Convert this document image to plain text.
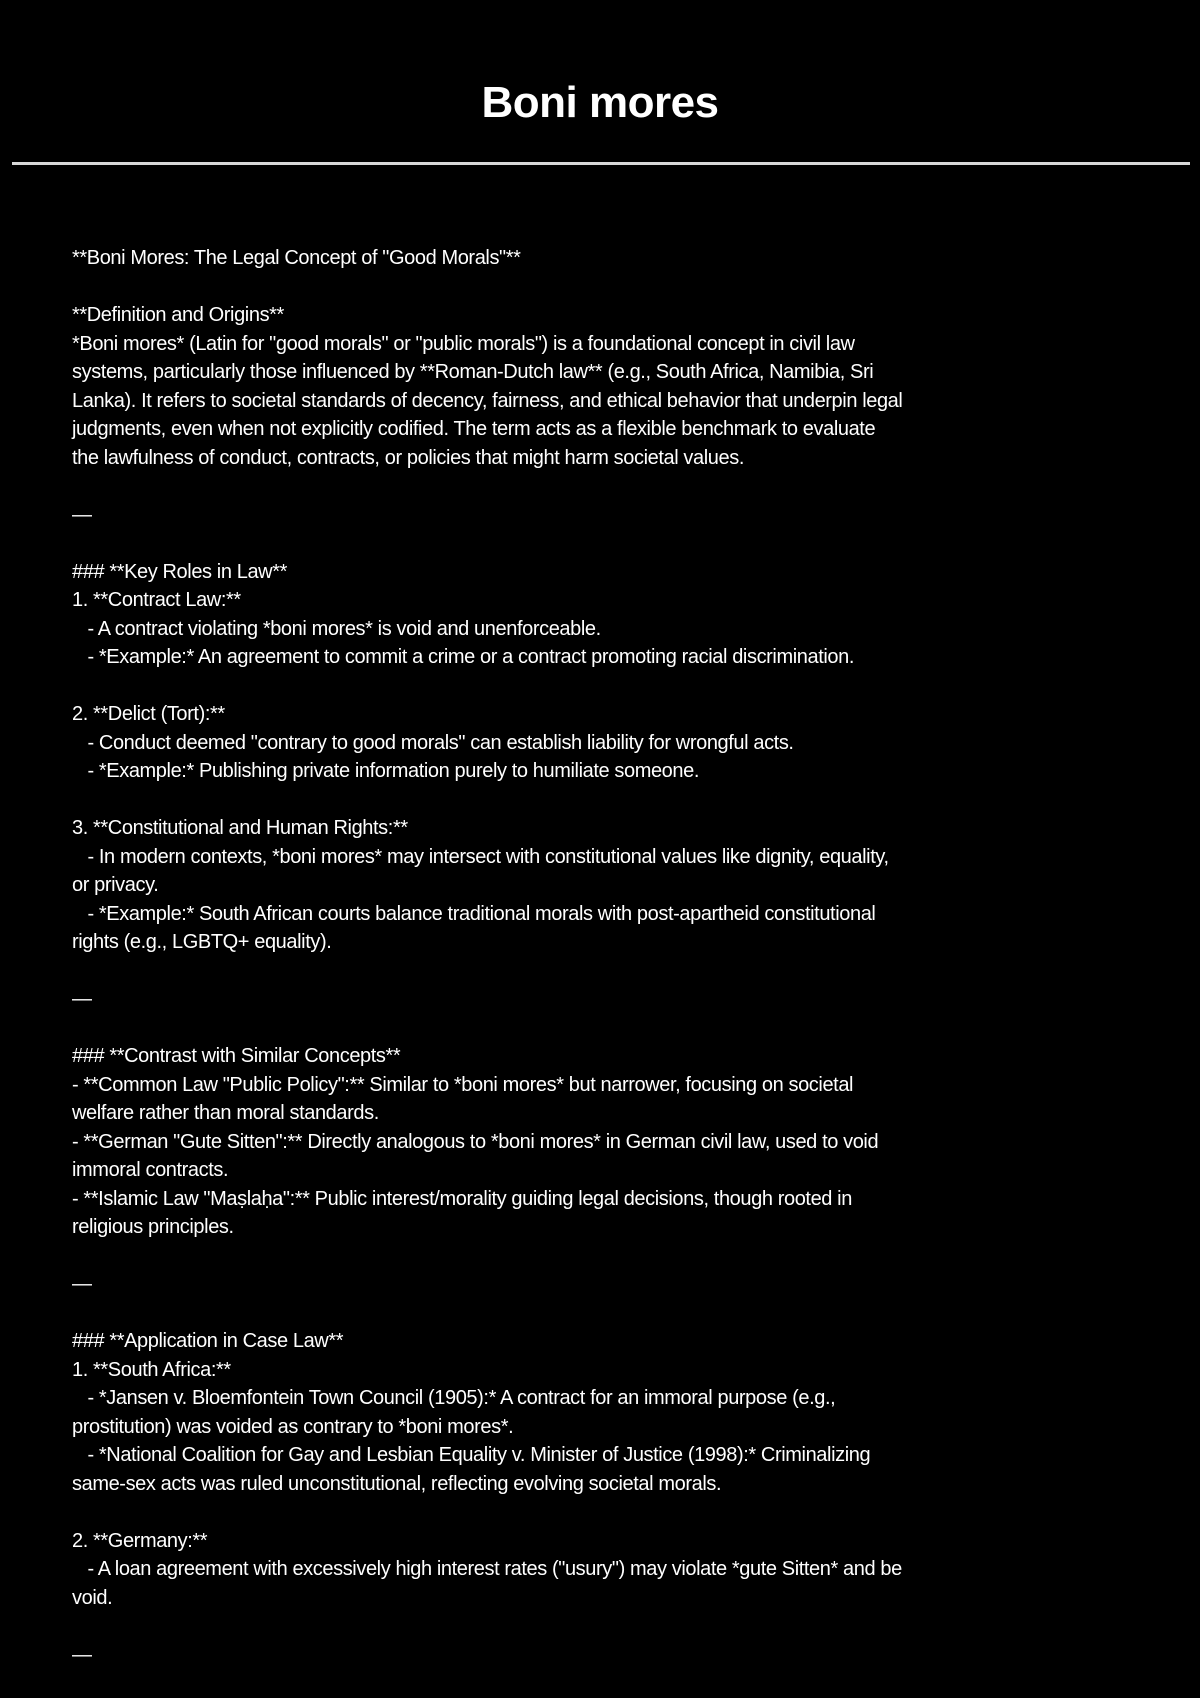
Boni mores
**Boni Mores: The Legal Concept of "Good Morals"**
**Definition and Origins**
*Boni mores* (Latin for "good morals" or "public morals") is a foundational concept in civil law
systems, particularly those influenced by **Roman-Dutch law** (e.g., South Africa, Namibia, Sri
Lanka). It refers to societal standards of decency, fairness, and ethical behavior that underpin legal
judgments, even when not explicitly codified. The term acts as a flexible benchmark to evaluate
the lawfulness of conduct, contracts, or policies that might harm societal values.
—
### **Key Roles in Law**
1. **Contract Law:**
- A contract violating *boni mores* is void and unenforceable.
- *Example:* An agreement to commit a crime or a contract promoting racial discrimination.
2. **Delict (Tort):**
- Conduct deemed "contrary to good morals" can establish liability for wrongful acts.
- *Example:* Publishing private information purely to humiliate someone.
3. **Constitutional and Human Rights:**
- In modern contexts, *boni mores* may intersect with constitutional values like dignity, equality,
or privacy.
- *Example:* South African courts balance traditional morals with post-apartheid constitutional
rights (e.g., LGBTQ+ equality).
—
### **Contrast with Similar Concepts**
- **Common Law "Public Policy":** Similar to *boni mores* but narrower, focusing on societal
welfare rather than moral standards.
- **German "Gute Sitten":** Directly analogous to *boni mores* in German civil law, used to void
immoral contracts.
- **Islamic Law "Maṣlaḥa":** Public interest/morality guiding legal decisions, though rooted in
religious principles.
—
### **Application in Case Law**
1. **South Africa:**
- *Jansen v. Bloemfontein Town Council (1905):* A contract for an immoral purpose (e.g.,
prostitution) was voided as contrary to *boni mores*.
- *National Coalition for Gay and Lesbian Equality v. Minister of Justice (1998):* Criminalizing
same-sex acts was ruled unconstitutional, reflecting evolving societal morals.
2. **Germany:**
- A loan agreement with excessively high interest rates ("usury") may violate *gute Sitten* and be
void.
—
